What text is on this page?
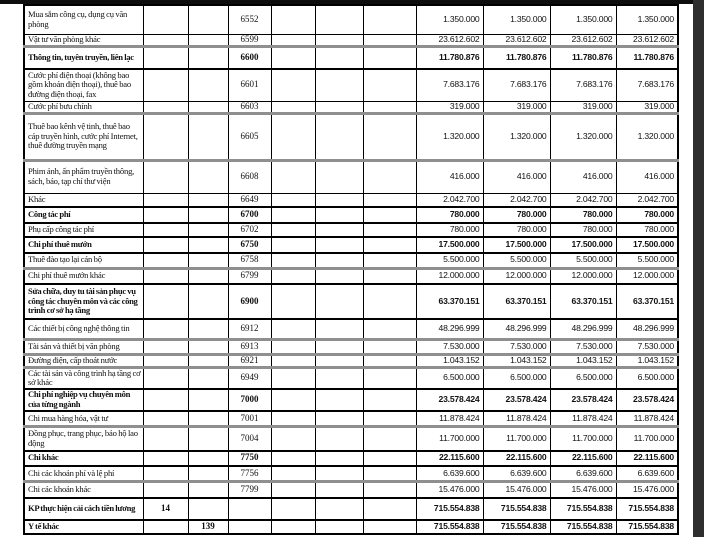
Mua sắm công cụ, dụng cụ văn phòng			6552				1.350.000	1.350.000	1.350.000	1.350.000
Vật tư văn phòng khác			6599				23.612.602	23.612.602	23.612.602	23.612.602
Thông tin, tuyên truyền, liên lạc			6600				11.780.876	11.780.876	11.780.876	11.780.876
Cước phí điện thoại (không bao gồm khoán điện thoại), thuê bao đường điện thoại, fax			6601				7.683.176	7.683.176	7.683.176	7.683.176
Cước phí bưu chính			6603				319.000	319.000	319.000	319.000
Thuê bao kênh vệ tinh, thuê bao cáp truyền hình, cước phí Internet, thuê đường truyền mạng			6605				1.320.000	1.320.000	1.320.000	1.320.000
Phim ảnh, ấn phẩm truyền thông, sách, báo, tạp chí thư viện			6608				416.000	416.000	416.000	416.000
Khác			6649				2.042.700	2.042.700	2.042.700	2.042.700
Công tác phí			6700				780.000	780.000	780.000	780.000
Phụ cấp công tác phí			6702				780.000	780.000	780.000	780.000
Chi phí thuê mướn			6750				17.500.000	17.500.000	17.500.000	17.500.000
Thuê đào tạo lại cán bộ			6758				5.500.000	5.500.000	5.500.000	5.500.000
Chi phí thuê mướn khác			6799				12.000.000	12.000.000	12.000.000	12.000.000
Sửa chữa, duy tu tài sản phục vụ công tác chuyên môn và các công trình cơ sở hạ tầng			6900				63.370.151	63.370.151	63.370.151	63.370.151
Các thiết bị công nghệ thông tin			6912				48.296.999	48.296.999	48.296.999	48.296.999
Tài sản và thiết bị văn phòng			6913				7.530.000	7.530.000	7.530.000	7.530.000
Đường điện, cấp thoát nước			6921				1.043.152	1.043.152	1.043.152	1.043.152
Các tài sản và công trình hạ tầng cơ sở khác			6949				6.500.000	6.500.000	6.500.000	6.500.000
Chi phí nghiệp vụ chuyên môn của từng ngành			7000				23.578.424	23.578.424	23.578.424	23.578.424
Chi mua hàng hóa, vật tư			7001				11.878.424	11.878.424	11.878.424	11.878.424
Đồng phục, trang phục, bảo hộ lao động			7004				11.700.000	11.700.000	11.700.000	11.700.000
Chi khác			7750				22.115.600	22.115.600	22.115.600	22.115.600
Chi các khoản phí và lệ phí			7756				6.639.600	6.639.600	6.639.600	6.639.600
Chi các khoản khác			7799				15.476.000	15.476.000	15.476.000	15.476.000
KP thực hiện cải cách tiền lương	14						715.554.838	715.554.838	715.554.838	715.554.838
Y tế khác		139					715.554.838	715.554.838	715.554.838	715.554.838
